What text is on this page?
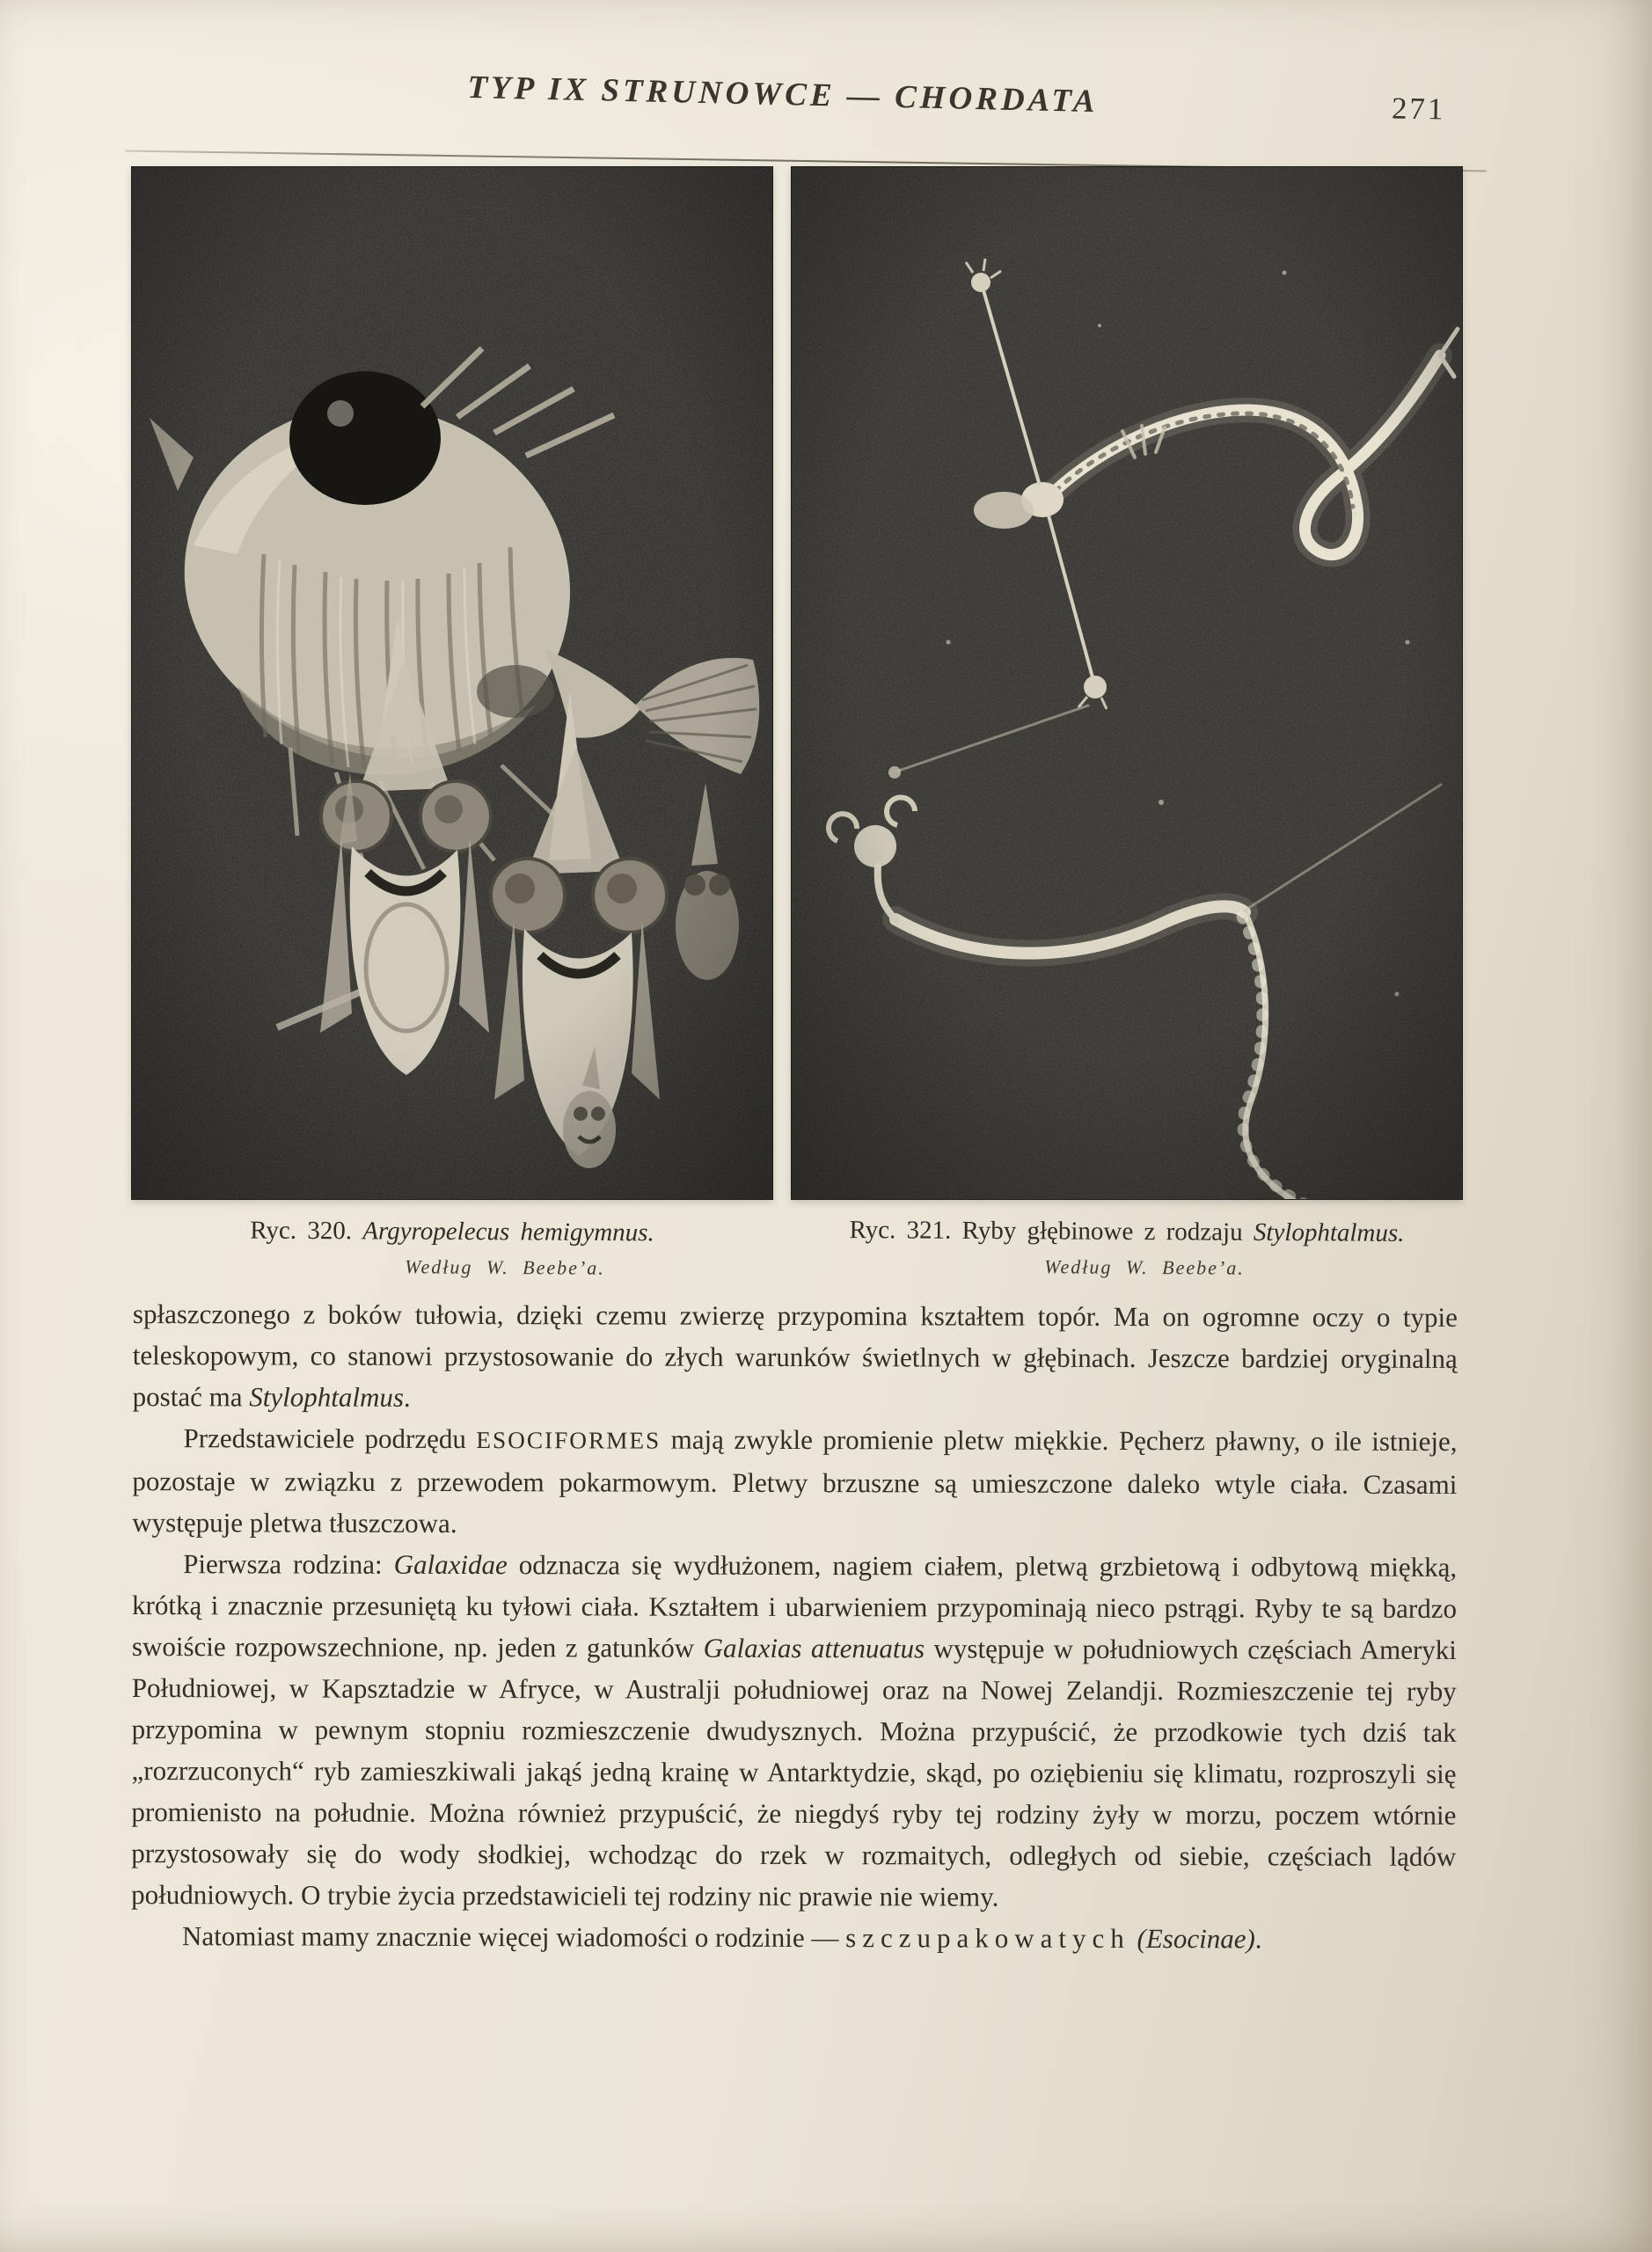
TYP IX STRUNOWCE — CHORDATA	271
Ryc. 320. Argyropelecus hemigymnus.	Ryc. 321. Ryby głębinowe z rodzaju Stylophtalmus.
Według W. Beebe’a.	Według W. Beebe’a.

spłaszczonego z boków tułowia, dzięki czemu zwierzę przypomina kształtem topór. Ma on ogromne oczy o typie teleskopowym, co stanowi przystosowanie do złych warunków świetlnych w głębinach. Jeszcze bardziej oryginalną postać ma Stylophtalmus.

Przedstawiciele podrzędu ESOCIFORMES mają zwykle promienie pletw miękkie. Pęcherz pławny, o ile istnieje, pozostaje w związku z przewodem pokarmowym. Pletwy brzuszne są umieszczone daleko wtyle ciała. Czasami występuje pletwa tłuszczowa.

Pierwsza rodzina: Galaxidae odznacza się wydłużonem, nagiem ciałem, pletwą grzbietową i odbytową miękką, krótką i znacznie przesuniętą ku tyłowi ciała. Kształtem i ubarwieniem przypominają nieco pstrągi. Ryby te są bardzo swoiście rozpowszechnione, np. jeden z gatunków Galaxias attenuatus występuje w południowych częściach Ameryki Południowej, w Kapsztadzie w Afryce, w Australji południowej oraz na Nowej Zelandji. Rozmieszczenie tej ryby przypomina w pewnym stopniu rozmieszczenie dwudysznych. Można przypuścić, że przodkowie tych dziś tak „rozrzuconych“ ryb zamieszkiwali jakąś jedną krainę w Antarktydzie, skąd, po oziębieniu się klimatu, rozproszyli się promienisto na południe. Można również przypuścić, że niegdyś ryby tej rodziny żyły w morzu, poczem wtórnie przystosowały się do wody słodkiej, wchodząc do rzek w rozmaitych, odległych od siebie, częściach lądów południowych. O trybie życia przedstawicieli tej rodziny nic prawie nie wiemy.

Natomiast mamy znacznie więcej wiadomości o rodzinie — szczupakowatych (Esocinae).
